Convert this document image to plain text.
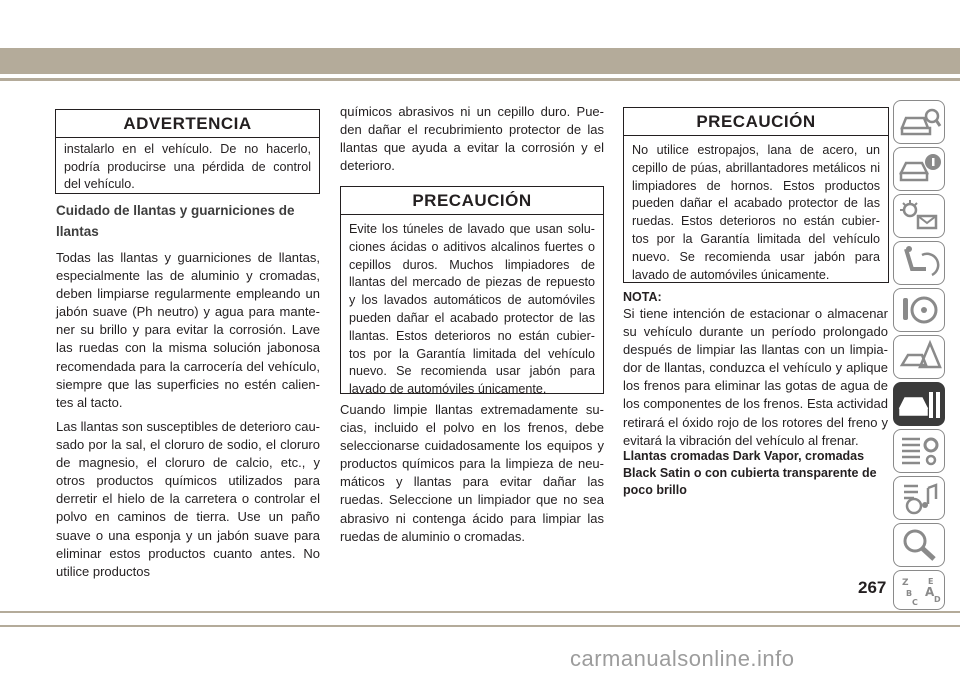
ADVERTENCIA
instalarlo en el vehículo. De no hacerlo, podría producirse una pérdida de control del vehículo.
Cuidado de llantas y guarniciones de
llantas

Todas las llantas y guarniciones de llantas, especialmente las de aluminio y cromadas, deben limpiarse regularmente empleando un jabón suave (Ph neutro) y agua para mante- ner su brillo y para evitar la corrosión. Lave las ruedas con la misma solución jabonosa recomendada para la carrocería del vehículo, siempre que las superficies no estén calien- tes al tacto.

Las llantas son susceptibles de deterioro cau- sado por la sal, el cloruro de sodio, el cloruro de magnesio, el cloruro de calcio, etc., y otros productos químicos utilizados para derretir el hielo de la carretera o controlar el polvo en caminos de tierra. Use un paño suave o una esponja y un jabón suave para eliminar estos productos cuanto antes. No utilice productos

químicos abrasivos ni un cepillo duro. Pue- den dañar el recubrimiento protector de las llantas que ayuda a evitar la corrosión y el deterioro.

PRECAUCIÓN
Evite los túneles de lavado que usan solu- ciones ácidas o aditivos alcalinos fuertes o cepillos duros. Muchos limpiadores de llantas del mercado de piezas de repuesto y los lavados automáticos de automóviles pueden dañar el acabado protector de las llantas. Estos deterioros no están cubier- tos por la Garantía limitada del vehículo nuevo. Se recomienda usar jabón para lavado de automóviles únicamente.

Cuando limpie llantas extremadamente su- cias, incluido el polvo en los frenos, debe seleccionarse cuidadosamente los equipos y productos químicos para la limpieza de neu- máticos y llantas para evitar dañar las ruedas. Seleccione un limpiador que no sea abrasivo ni contenga ácido para limpiar las ruedas de aluminio o cromadas.

PRECAUCIÓN
No utilice estropajos, lana de acero, un cepillo de púas, abrillantadores metálicos ni limpiadores de hornos. Estos productos pueden dañar el acabado protector de las ruedas. Estos deterioros no están cubier- tos por la Garantía limitada del vehículo nuevo. Se recomienda usar jabón para lavado de automóviles únicamente.

NOTA:

Si tiene intención de estacionar o almacenar su vehículo durante un período prolongado después de limpiar las llantas con un limpia- dor de llantas, conduzca el vehículo y aplique los frenos para eliminar las gotas de agua de los componentes de los frenos. Esta actividad retirará el óxido rojo de los rotores del freno y evitará la vibración del vehículo al frenar.

Llantas cromadas Dark Vapor, cromadas Black Satin o con cubierta transparente de poco brillo

Z E
B A
C D
267
carmanualsonline.info
